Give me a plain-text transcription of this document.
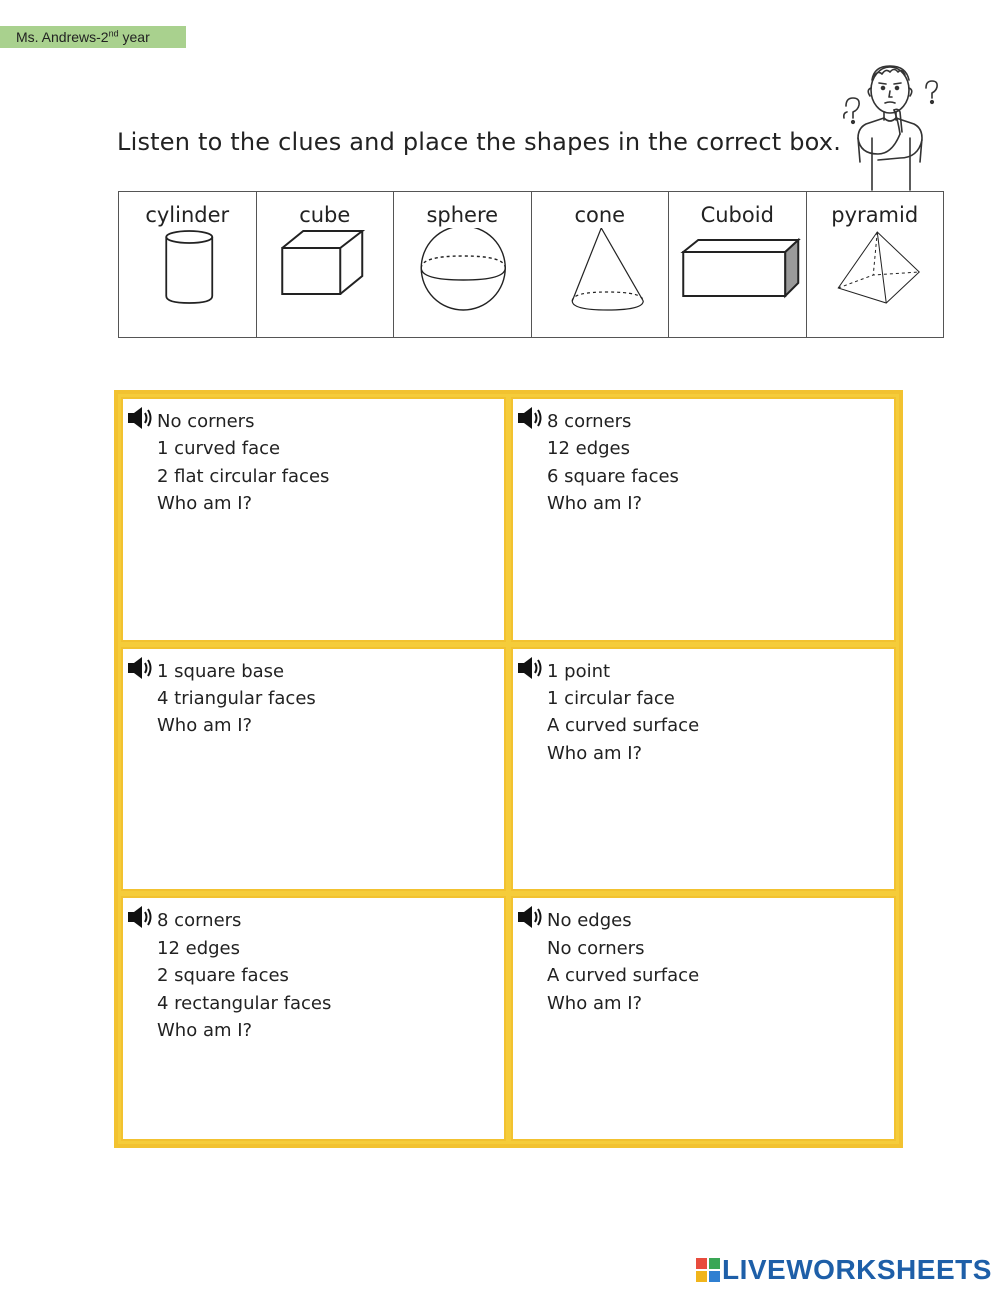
Ms. Andrews-2nd year
Listen to the clues and place the shapes in the correct box.
cylinder	cube	sphere	cone	Cuboid	pyramid
No corners
1 curved face
2 flat circular faces
Who am I?
8 corners
12 edges
6 square faces
Who am I?
1 square base
4 triangular faces
Who am I?
1 point
1 circular face
A curved surface
Who am I?
8 corners
12 edges
2 square faces
4 rectangular faces
Who am I?
No edges
No corners
A curved surface
Who am I?
LIVEWORKSHEETS
